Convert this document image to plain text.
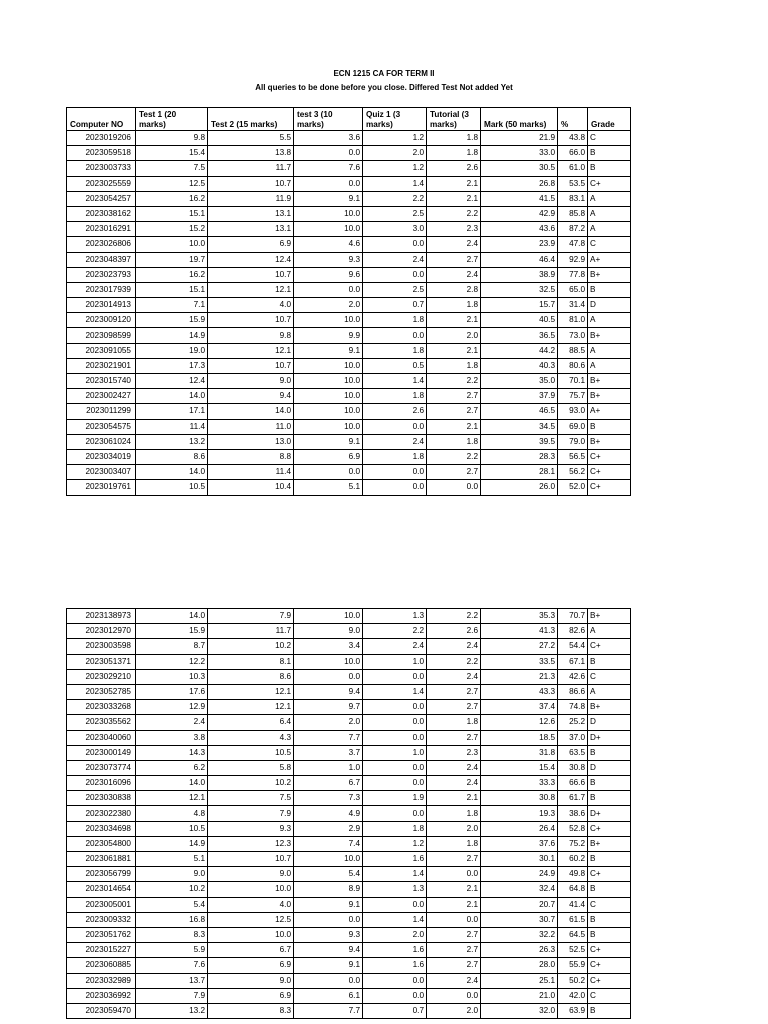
ECN 1215 CA FOR TERM II
All queries to be done before you close. Differed Test Not added Yet
Computer NO	Test 1 (20 marks)	Test 2 (15 marks)	test 3 (10 marks)	Quiz 1 (3 marks)	Tutorial (3 marks)	Mark (50 marks)	%	Grade
2023019206	9.8	5.5	3.6	1.2	1.8	21.9	43.8	C
2023059518	15.4	13.8	0.0	2.0	1.8	33.0	66.0	B
2023003733	7.5	11.7	7.6	1.2	2.6	30.5	61.0	B
2023025559	12.5	10.7	0.0	1.4	2.1	26.8	53.5	C+
2023054257	16.2	11.9	9.1	2.2	2.1	41.5	83.1	A
2023038162	15.1	13.1	10.0	2.5	2.2	42.9	85.8	A
2023016291	15.2	13.1	10.0	3.0	2.3	43.6	87.2	A
2023026806	10.0	6.9	4.6	0.0	2.4	23.9	47.8	C
2023048397	19.7	12.4	9.3	2.4	2.7	46.4	92.9	A+
2023023793	16.2	10.7	9.6	0.0	2.4	38.9	77.8	B+
2023017939	15.1	12.1	0.0	2.5	2.8	32.5	65.0	B
2023014913	7.1	4.0	2.0	0.7	1.8	15.7	31.4	D
2023009120	15.9	10.7	10.0	1.8	2.1	40.5	81.0	A
2023098599	14.9	9.8	9.9	0.0	2.0	36.5	73.0	B+
2023091055	19.0	12.1	9.1	1.8	2.1	44.2	88.5	A
2023021901	17.3	10.7	10.0	0.5	1.8	40.3	80.6	A
2023015740	12.4	9.0	10.0	1.4	2.2	35.0	70.1	B+
2023002427	14.0	9.4	10.0	1.8	2.7	37.9	75.7	B+
2023011299	17.1	14.0	10.0	2.6	2.7	46.5	93.0	A+
2023054575	11.4	11.0	10.0	0.0	2.1	34.5	69.0	B
2023061024	13.2	13.0	9.1	2.4	1.8	39.5	79.0	B+
2023034019	8.6	8.8	6.9	1.8	2.2	28.3	56.5	C+
2023003407	14.0	11.4	0.0	0.0	2.7	28.1	56.2	C+
2023019761	10.5	10.4	5.1	0.0	0.0	26.0	52.0	C+
2023138973	14.0	7.9	10.0	1.3	2.2	35.3	70.7	B+
2023012970	15.9	11.7	9.0	2.2	2.6	41.3	82.6	A
2023003598	8.7	10.2	3.4	2.4	2.4	27.2	54.4	C+
2023051371	12.2	8.1	10.0	1.0	2.2	33.5	67.1	B
2023029210	10.3	8.6	0.0	0.0	2.4	21.3	42.6	C
2023052785	17.6	12.1	9.4	1.4	2.7	43.3	86.6	A
2023033268	12.9	12.1	9.7	0.0	2.7	37.4	74.8	B+
2023035562	2.4	6.4	2.0	0.0	1.8	12.6	25.2	D
2023040060	3.8	4.3	7.7	0.0	2.7	18.5	37.0	D+
2023000149	14.3	10.5	3.7	1.0	2.3	31.8	63.5	B
2023073774	6.2	5.8	1.0	0.0	2.4	15.4	30.8	D
2023016096	14.0	10.2	6.7	0.0	2.4	33.3	66.6	B
2023030838	12.1	7.5	7.3	1.9	2.1	30.8	61.7	B
2023022380	4.8	7.9	4.9	0.0	1.8	19.3	38.6	D+
2023034698	10.5	9.3	2.9	1.8	2.0	26.4	52.8	C+
2023054800	14.9	12.3	7.4	1.2	1.8	37.6	75.2	B+
2023061881	5.1	10.7	10.0	1.6	2.7	30.1	60.2	B
2023056799	9.0	9.0	5.4	1.4	0.0	24.9	49.8	C+
2023014654	10.2	10.0	8.9	1.3	2.1	32.4	64.8	B
2023005001	5.4	4.0	9.1	0.0	2.1	20.7	41.4	C
2023009332	16.8	12.5	0.0	1.4	0.0	30.7	61.5	B
2023051762	8.3	10.0	9.3	2.0	2.7	32.2	64.5	B
2023015227	5.9	6.7	9.4	1.6	2.7	26.3	52.5	C+
2023060885	7.6	6.9	9.1	1.6	2.7	28.0	55.9	C+
2023032989	13.7	9.0	0.0	0.0	2.4	25.1	50.2	C+
2023036992	7.9	6.9	6.1	0.0	0.0	21.0	42.0	C
2023059470	13.2	8.3	7.7	0.7	2.0	32.0	63.9	B
